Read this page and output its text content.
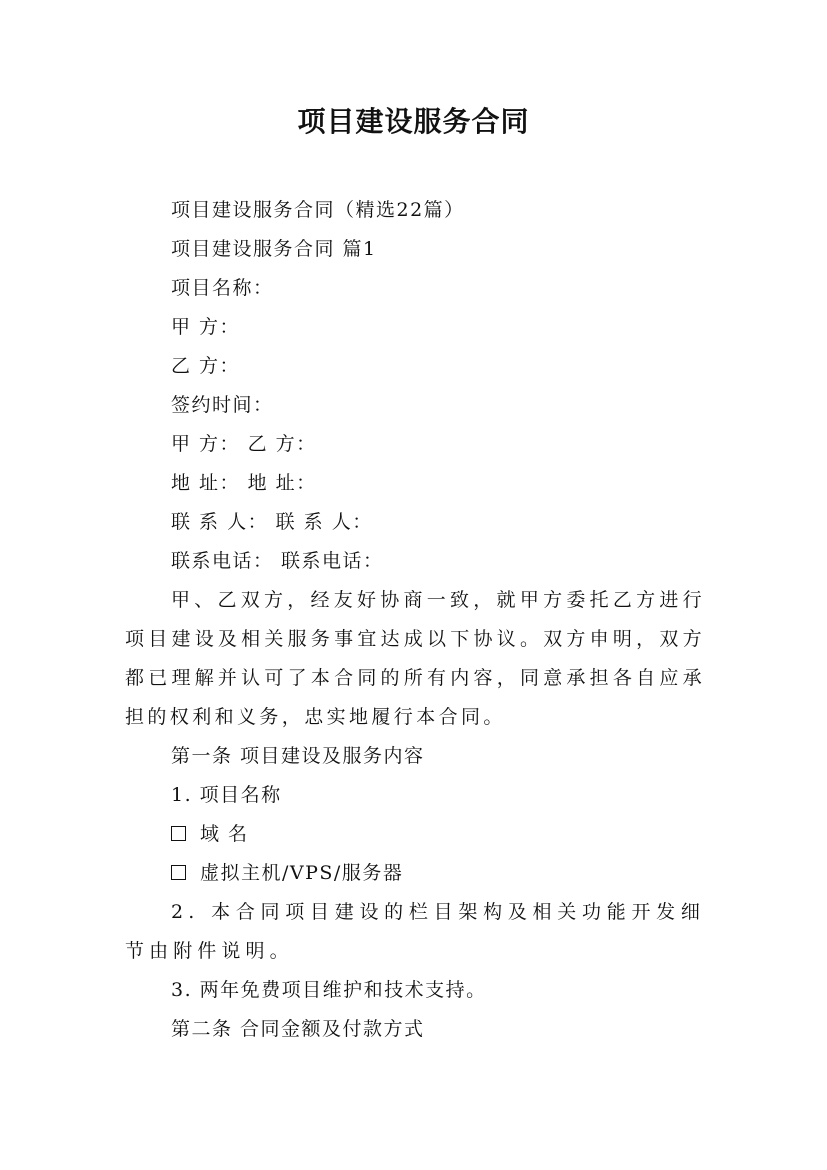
项目建设服务合同

项目建设服务合同（精选22篇）

项目建设服务合同 篇1

项目名称：

甲 方：

乙 方：

签约时间：

甲 方： 乙 方：

地 址： 地 址：

联 系 人： 联 系 人：

联系电话： 联系电话：

甲、乙双方，经友好协商一致，就甲方委托乙方进行项目建设及相关服务事宜达成以下协议。双方申明，双方都已理解并认可了本合同的所有内容，同意承担各自应承担的权利和义务，忠实地履行本合同。

第一条 项目建设及服务内容

1. 项目名称

域 名

虚拟主机/VPS/服务器

2. 本合同项目建设的栏目架构及相关功能开发细节由附件说明。

3. 两年免费项目维护和技术支持。

第二条 合同金额及付款方式
